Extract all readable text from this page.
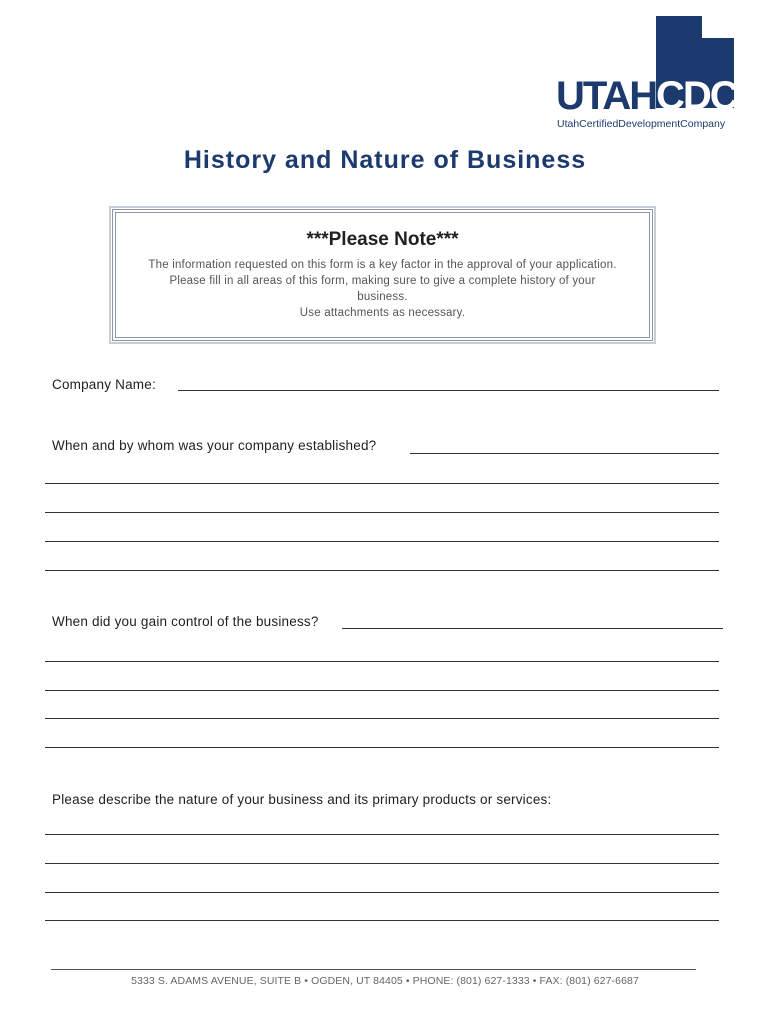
UTAH CDC
UtahCertifiedDevelopmentCompany
History and Nature of Business
***Please Note***
The information requested on this form is a key factor in the approval of your application.
Please fill in all areas of this form, making sure to give a complete history of your
business.
Use attachments as necessary.
Company Name:
When and by whom was your company established?
When did you gain control of the business?
Please describe the nature of your business and its primary products or services:
5333 S. ADAMS AVENUE, SUITE B • OGDEN, UT 84405 • PHONE: (801) 627-1333 • FAX: (801) 627-6687
